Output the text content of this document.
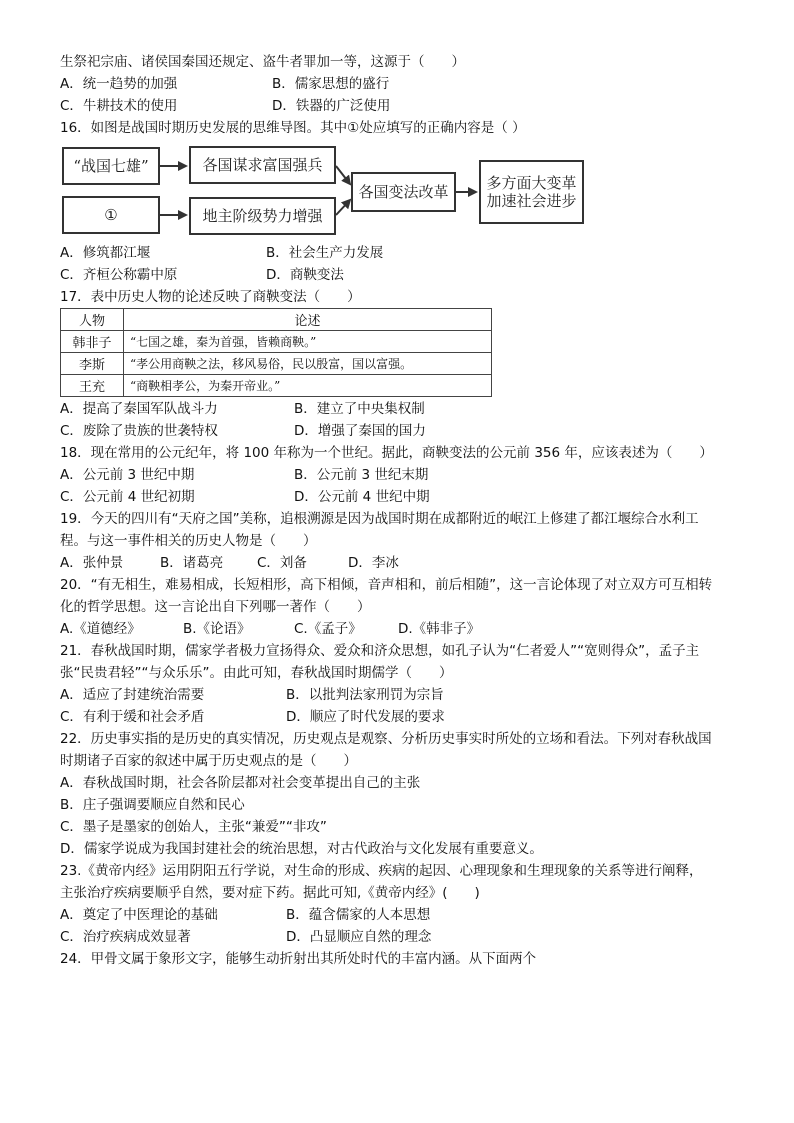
生祭祀宗庙、诸侯国秦国还规定、盗牛者罪加一等，这源于（　　）
A．统一趋势的加强	B．儒家思想的盛行
C．牛耕技术的使用	D．铁器的广泛使用
16．如图是战国时期历史发展的思维导图。其中①处应填写的正确内容是（ ）
“战国七雄”
①
各国谋求富国强兵
地主阶级势力增强
各国变法改革	多方面大变革
加速社会进步
A．修筑都江堰	B．社会生产力发展
C．齐桓公称霸中原	D．商鞅变法
17．表中历史人物的论述反映了商鞅变法（　　）
人物	论述
韩非子	“七国之雄，秦为首强，皆赖商鞅。”
李斯	“孝公用商鞅之法，移风易俗，民以殷富，国以富强。
王充	“商鞅相孝公，为秦开帝业。”
A．提高了秦国军队战斗力	B．建立了中央集权制
C．废除了贵族的世袭特权	D．增强了秦国的国力
18．现在常用的公元纪年，将 100 年称为一个世纪。据此，商鞅变法的公元前 356 年，应该表述为（　　）
A．公元前 3 世纪中期	B．公元前 3 世纪末期
C．公元前 4 世纪初期	D．公元前 4 世纪中期
19．今天的四川有“天府之国”美称，追根溯源是因为战国时期在成都附近的岷江上修建了都江堰综合水利工
程。与这一事件相关的历史人物是（　　）
A．张仲景	B．诸葛亮 C．刘备	D．李冰
20．“有无相生，难易相成，长短相形，高下相倾，音声相和，前后相随”，这一言论体现了对立双方可互相转
化的哲学思想。这一言论出自下列哪一著作（　　）
A.《道德经》	B.《论语》	C.《孟子》	D.《韩非子》
21．春秋战国时期，儒家学者极力宣扬得众、爱众和济众思想，如孔子认为“仁者爱人”“宽则得众”，孟子主
张“民贵君轻”“与众乐乐”。由此可知，春秋战国时期儒学（　　）
A．适应了封建统治需要	B．以批判法家刑罚为宗旨
C．有利于缓和社会矛盾	D．顺应了时代发展的要求
22．历史事实指的是历史的真实情况，历史观点是观察、分析历史事实时所处的立场和看法。下列对春秋战国
时期诸子百家的叙述中属于历史观点的是（　　）
A．春秋战国时期，社会各阶层都对社会变革提出自己的主张
B．庄子强调要顺应自然和民心
C．墨子是墨家的创始人，主张“兼爱”“非攻”
D．儒家学说成为我国封建社会的统治思想，对古代政治与文化发展有重要意义。
23.《黄帝内经》运用阴阳五行学说，对生命的形成、疾病的起因、心理现象和生理现象的关系等进行阐释，
主张治疗疾病要顺乎自然，要对症下药。据此可知,《黄帝内经》(　　)
A．奠定了中医理论的基础	B．蕴含儒家的人本思想
C．治疗疾病成效显著	D．凸显顺应自然的理念
24．甲骨文属于象形文字，能够生动折射出其所处时代的丰富内涵。从下面两个
